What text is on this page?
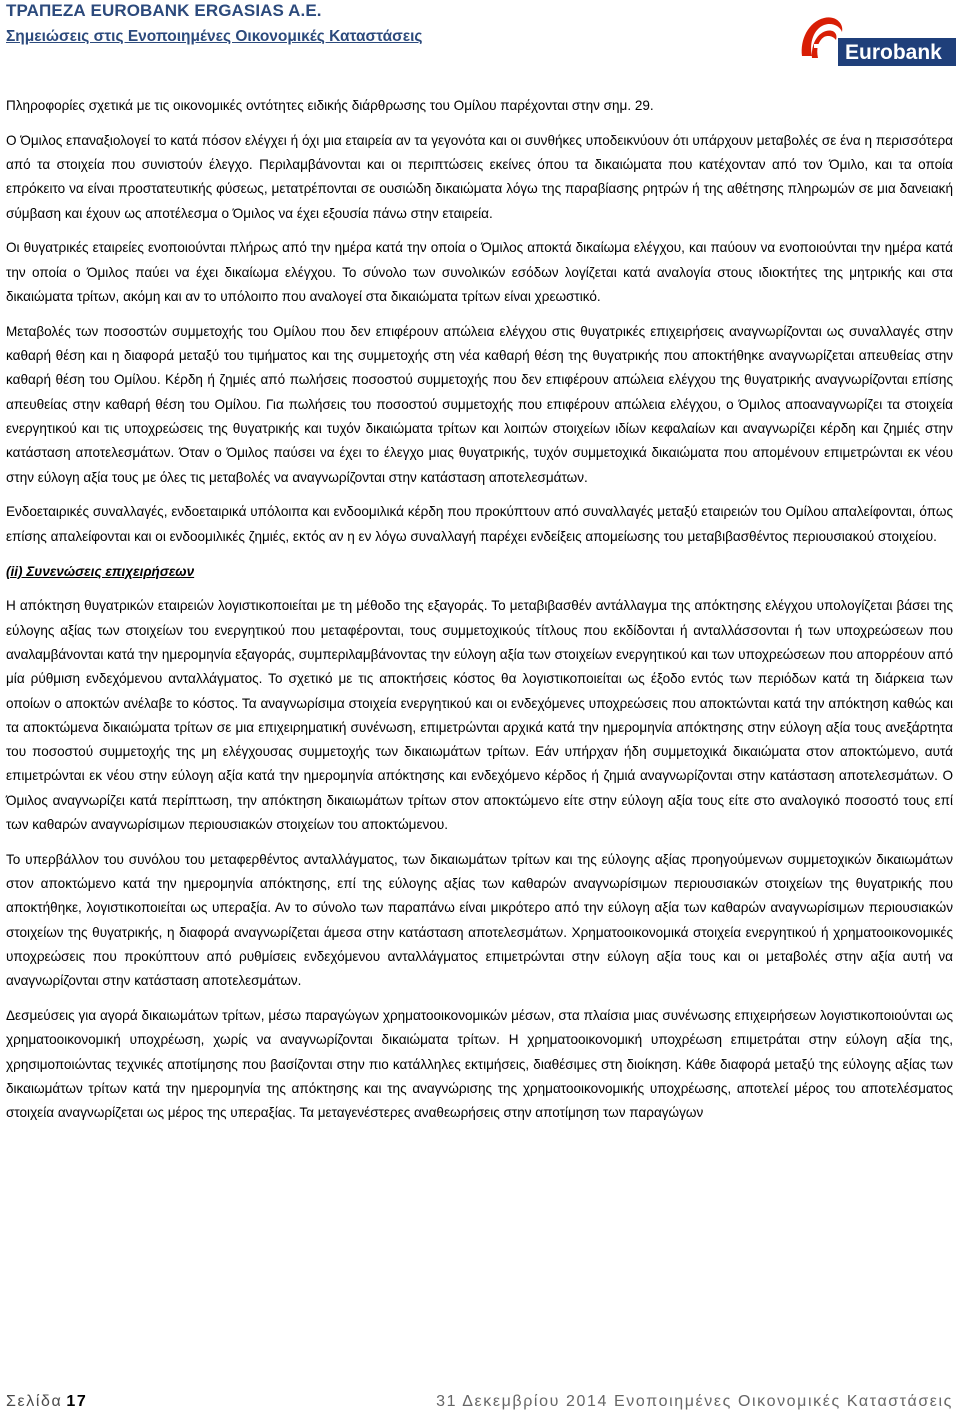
ΤΡΑΠΕΖΑ EUROBANK ERGASIAS A.E.
Σημειώσεις στις Ενοποιημένες Οικονομικές Καταστάσεις
Eurobank

Πληροφορίες σχετικά με τις οικονομικές οντότητες ειδικής διάρθρωσης του Ομίλου παρέχονται στην σημ. 29.

Ο Όμιλος επαναξιολογεί το κατά πόσον ελέγχει ή όχι μια εταιρεία αν τα γεγονότα και οι συνθήκες υποδεικνύουν ότι υπάρχουν μεταβολές σε ένα η περισσότερα από τα στοιχεία που συνιστούν έλεγχο. Περιλαμβάνονται και οι περιπτώσεις εκείνες όπου τα δικαιώματα που κατέχονταν από τον Όμιλο, και τα οποία επρόκειτο να είναι προστατευτικής φύσεως, μετατρέπονται σε ουσιώδη δικαιώματα λόγω της παραβίασης ρητρών ή της αθέτησης πληρωμών σε μια δανειακή σύμβαση και έχουν ως αποτέλεσμα ο Όμιλος να έχει εξουσία πάνω στην εταιρεία.

Οι θυγατρικές εταιρείες ενοποιούνται πλήρως από την ημέρα κατά την οποία ο Όμιλος αποκτά δικαίωμα ελέγχου, και παύουν να ενοποιούνται την ημέρα κατά την οποία ο Όμιλος παύει να έχει δικαίωμα ελέγχου. Το σύνολο των συνολικών εσόδων λογίζεται κατά αναλογία στους ιδιοκτήτες της μητρικής και στα δικαιώματα τρίτων, ακόμη και αν το υπόλοιπο που αναλογεί στα δικαιώματα τρίτων είναι χρεωστικό.

Μεταβολές των ποσοστών συμμετοχής του Ομίλου που δεν επιφέρουν απώλεια ελέγχου στις θυγατρικές επιχειρήσεις αναγνωρίζονται ως συναλλαγές στην καθαρή θέση και η διαφορά μεταξύ του τιμήματος και της συμμετοχής στη νέα καθαρή θέση της θυγατρικής που αποκτήθηκε αναγνωρίζεται απευθείας στην καθαρή θέση του Ομίλου. Κέρδη ή ζημιές από πωλήσεις ποσοστού συμμετοχής που δεν επιφέρουν απώλεια ελέγχου της θυγατρικής αναγνωρίζονται επίσης απευθείας στην καθαρή θέση του Ομίλου. Για πωλήσεις του ποσοστού συμμετοχής που επιφέρουν απώλεια ελέγχου, ο Όμιλος αποαναγνωρίζει τα στοιχεία ενεργητικού και τις υποχρεώσεις της θυγατρικής και τυχόν δικαιώματα τρίτων και λοιπών στοιχείων ιδίων κεφαλαίων και αναγνωρίζει κέρδη και ζημιές στην κατάσταση αποτελεσμάτων. Όταν ο Όμιλος παύσει να έχει το έλεγχο μιας θυγατρικής, τυχόν συμμετοχικά δικαιώματα που απομένουν επιμετρώνται εκ νέου στην εύλογη αξία τους με όλες τις μεταβολές να αναγνωρίζονται στην κατάσταση αποτελεσμάτων.

Ενδοεταιρικές συναλλαγές, ενδοεταιρικά υπόλοιπα και ενδοομιλικά κέρδη που προκύπτουν από συναλλαγές μεταξύ εταιρειών του Ομίλου απαλείφονται, όπως επίσης απαλείφονται και οι ενδοομιλικές ζημιές, εκτός αν η εν λόγω συναλλαγή παρέχει ενδείξεις απομείωσης του μεταβιβασθέντος περιουσιακού στοιχείου.

(ii) Συνενώσεις επιχειρήσεων

Η απόκτηση θυγατρικών εταιρειών λογιστικοποιείται με τη μέθοδο της εξαγοράς. Το μεταβιβασθέν αντάλλαγμα της απόκτησης ελέγχου υπολογίζεται βάσει της εύλογης αξίας των στοιχείων του ενεργητικού που μεταφέρονται, τους συμμετοχικούς τίτλους που εκδίδονται ή ανταλλάσσονται ή των υποχρεώσεων που αναλαμβάνονται κατά την ημερομηνία εξαγοράς, συμπεριλαμβάνοντας την εύλογη αξία των στοιχείων ενεργητικού και των υποχρεώσεων που απορρέουν από μία ρύθμιση ενδεχόμενου ανταλλάγματος. Το σχετικό με τις αποκτήσεις κόστος θα λογιστικοποιείται ως έξοδο εντός των περιόδων κατά τη διάρκεια των οποίων ο αποκτών ανέλαβε το κόστος. Τα αναγνωρίσιμα στοιχεία ενεργητικού και οι ενδεχόμενες υποχρεώσεις που αποκτώνται κατά την απόκτηση καθώς και τα αποκτώμενα δικαιώματα τρίτων σε μια επιχειρηματική συνένωση, επιμετρώνται αρχικά κατά την ημερομηνία απόκτησης στην εύλογη αξία τους ανεξάρτητα του ποσοστού συμμετοχής της μη ελέγχουσας συμμετοχής των δικαιωμάτων τρίτων. Εάν υπήρχαν ήδη συμμετοχικά δικαιώματα στον αποκτώμενο, αυτά επιμετρώνται εκ νέου στην εύλογη αξία κατά την ημερομηνία απόκτησης και ενδεχόμενο κέρδος ή ζημιά αναγνωρίζονται στην κατάσταση αποτελεσμάτων. Ο Όμιλος αναγνωρίζει κατά περίπτωση, την απόκτηση δικαιωμάτων τρίτων στον αποκτώμενο είτε στην εύλογη αξία τους είτε στο αναλογικό ποσοστό τους επί των καθαρών αναγνωρίσιμων περιουσιακών στοιχείων του αποκτώμενου.

Το υπερβάλλον του συνόλου του μεταφερθέντος ανταλλάγματος, των δικαιωμάτων τρίτων και της εύλογης αξίας προηγούμενων συμμετοχικών δικαιωμάτων στον αποκτώμενο κατά την ημερομηνία απόκτησης, επί της εύλογης αξίας των καθαρών αναγνωρίσιμων περιουσιακών στοιχείων της θυγατρικής που αποκτήθηκε, λογιστικοποιείται ως υπεραξία. Αν το σύνολο των παραπάνω είναι μικρότερο από την εύλογη αξία των καθαρών αναγνωρίσιμων περιουσιακών στοιχείων της θυγατρικής, η διαφορά αναγνωρίζεται άμεσα στην κατάσταση αποτελεσμάτων. Χρηματοοικονομικά στοιχεία ενεργητικού ή χρηματοοικονομικές υποχρεώσεις που προκύπτουν από ρυθμίσεις ενδεχόμενου ανταλλάγματος επιμετρώνται στην εύλογη αξία τους και οι μεταβολές στην αξία αυτή να αναγνωρίζονται στην κατάσταση αποτελεσμάτων.

Δεσμεύσεις για αγορά δικαιωμάτων τρίτων, μέσω παραγώγων χρηματοοικονομικών μέσων, στα πλαίσια μιας συνένωσης επιχειρήσεων λογιστικοποιούνται ως χρηματοοικονομική υποχρέωση, χωρίς να αναγνωρίζονται δικαιώματα τρίτων. Η χρηματοοικονομική υποχρέωση επιμετράται στην εύλογη αξία της, χρησιμοποιώντας τεχνικές αποτίμησης που βασίζονται στην πιο κατάλληλες εκτιμήσεις, διαθέσιμες στη διοίκηση. Κάθε διαφορά μεταξύ της εύλογης αξίας των δικαιωμάτων τρίτων κατά την ημερομηνία της απόκτησης και της αναγνώρισης της χρηματοοικονομικής υποχρέωσης, αποτελεί μέρος του αποτελέσματος στοιχεία αναγνωρίζεται ως μέρος της υπεραξίας. Τα μεταγενέστερες αναθεωρήσεις στην αποτίμηση των παραγώγων

Σελίδα 17	31 Δεκεμβρίου 2014 Ενοποιημένες Οικονομικές Καταστάσεις
